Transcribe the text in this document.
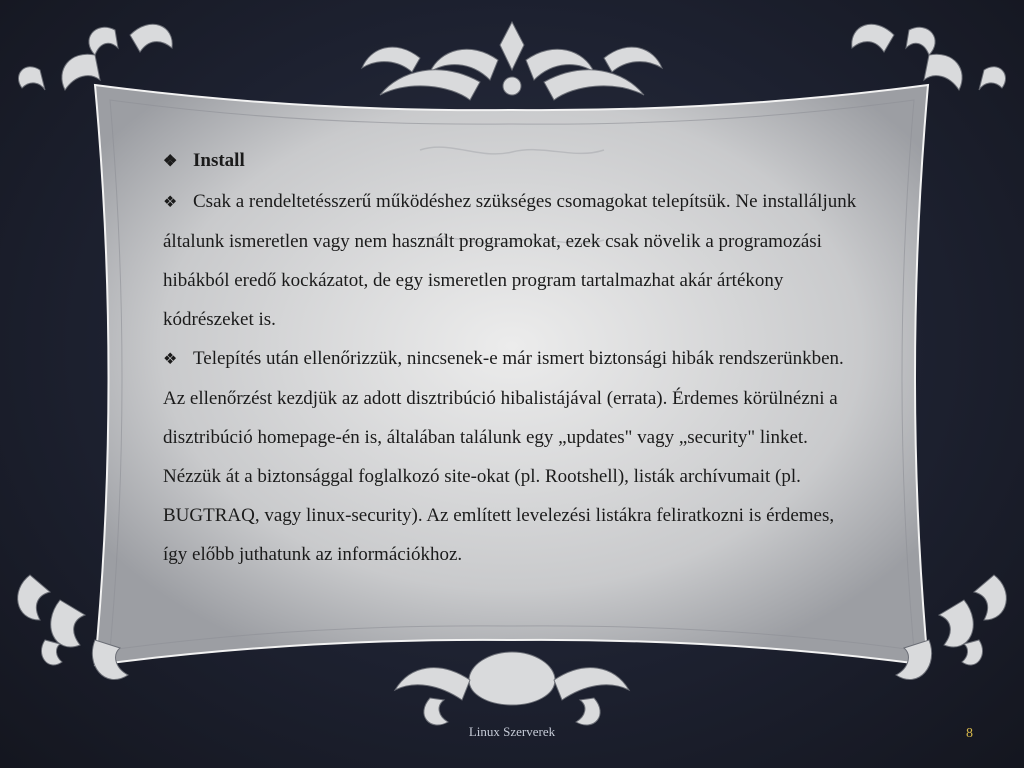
❖ Install

❖ Csak a rendeltetésszerű működéshez szükséges csomagokat telepítsük. Ne installáljunk általunk ismeretlen vagy nem használt programokat, ezek csak növelik a programozási hibákból eredő kockázatot, de egy ismeretlen program tartalmazhat akár ártékony kódrészeket is.

❖ Telepítés után ellenőrizzük, nincsenek-e már ismert biztonsági hibák rendszerünkben. Az ellenőrzést kezdjük az adott disztribúció hibalistájával (errata). Érdemes körülnézni a disztribúció homepage-én is, általában találunk egy „updates" vagy „security" linket. Nézzük át a biztonsággal foglalkozó site-okat (pl. Rootshell), listák archívumait (pl. BUGTRAQ, vagy linux-security). Az említett levelezési listákra feliratkozni is érdemes, így előbb juthatunk az információkhoz.

Linux Szerverek	8
